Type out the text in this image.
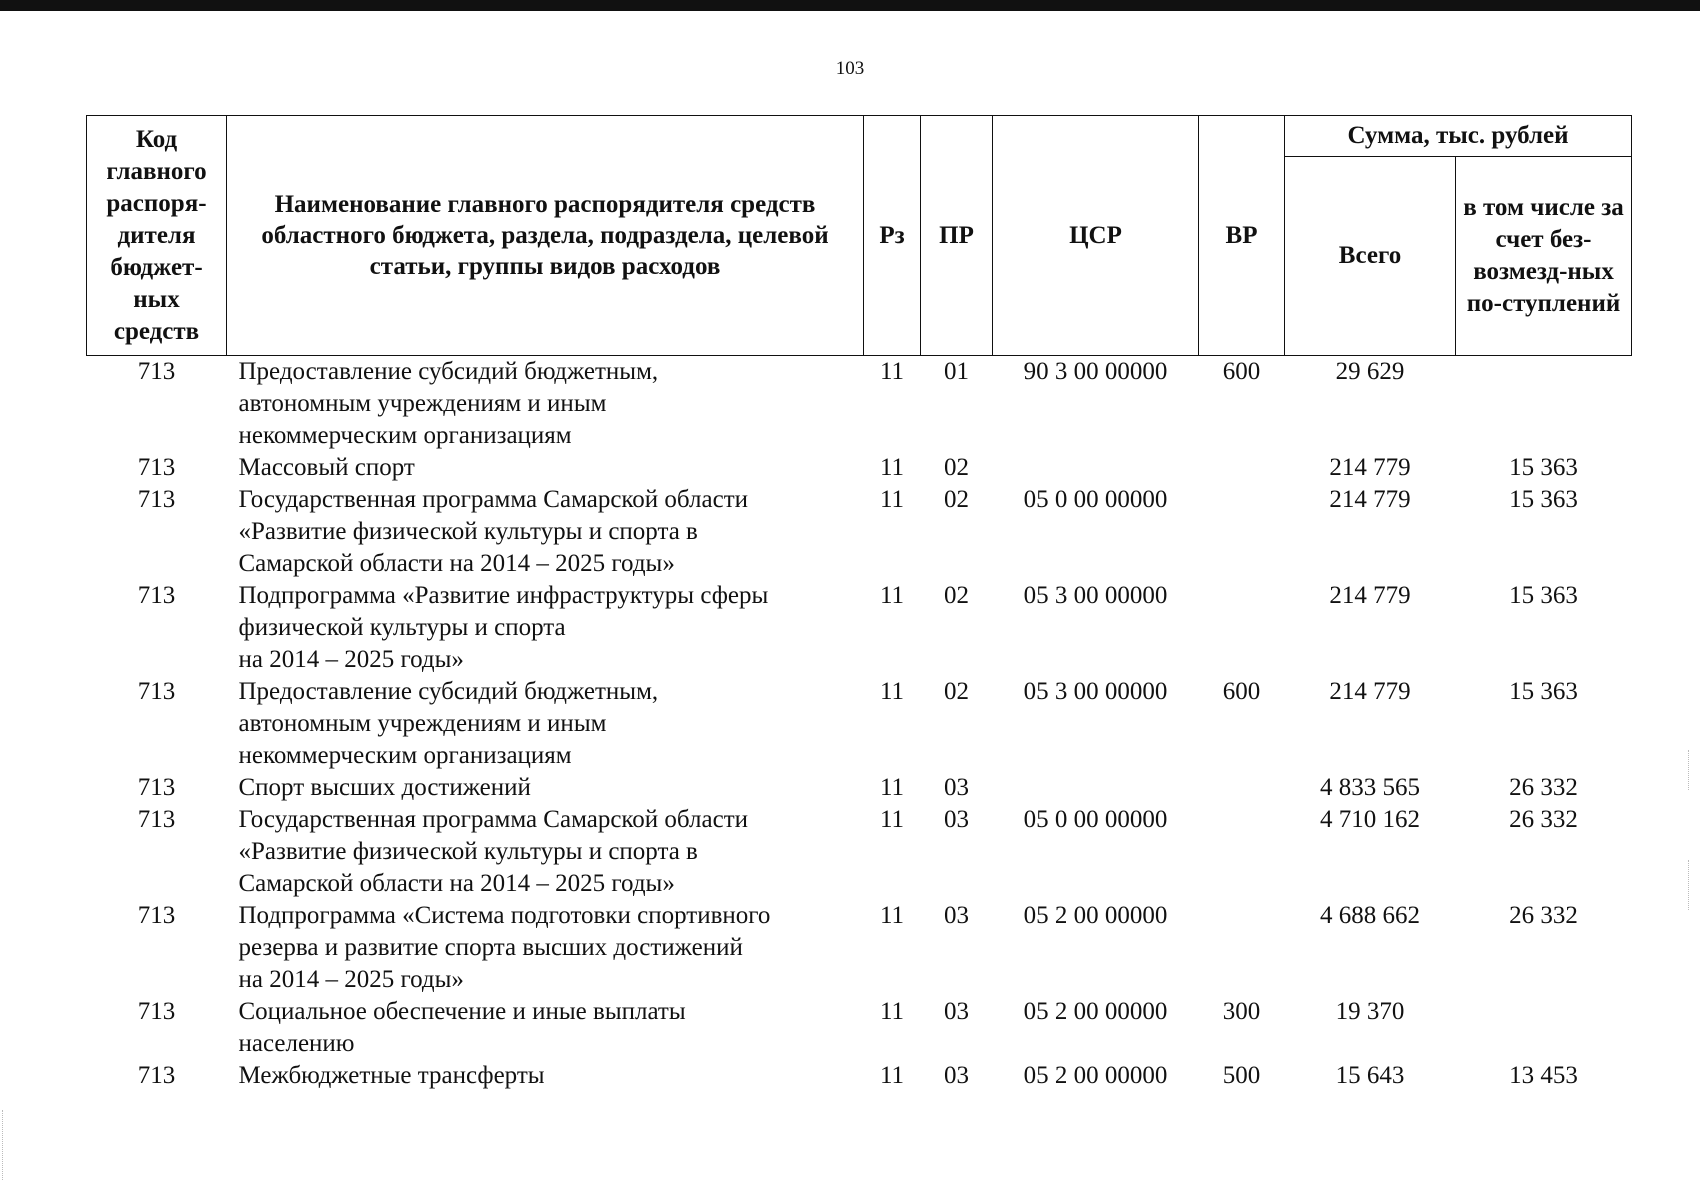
103
Код главного распоря-дителя бюджет-ных средств	Наименование главного распорядителя средств областного бюджета, раздела, подраздела, целевой статьи, группы видов расходов	Рз	ПР	ЦСР	ВР	Сумма, тыс. рублей	
						Всего	в том числе за счет без-возмезд-ных по-ступлений
713	Предоставление субсидий бюджетным,
автономным учреждениям и иным
некоммерческим организациям	11	01	90 3 00 00000	600	29 629	
713	Массовый спорт	11	02			214 779	15 363
713	Государственная программа Самарской области
«Развитие физической культуры и спорта в
Самарской области на 2014 – 2025 годы»	11	02	05 0 00 00000		214 779	15 363
713	Подпрограмма «Развитие инфраструктуры сферы
физической культуры и спорта
на 2014 – 2025 годы»	11	02	05 3 00 00000		214 779	15 363
713	Предоставление субсидий бюджетным,
автономным учреждениям и иным
некоммерческим организациям	11	02	05 3 00 00000	600	214 779	15 363
713	Спорт высших достижений	11	03			4 833 565	26 332
713	Государственная программа Самарской области
«Развитие физической культуры и спорта в
Самарской области на 2014 – 2025 годы»	11	03	05 0 00 00000		4 710 162	26 332
713	Подпрограмма «Система подготовки спортивного
резерва и развитие спорта высших достижений
на 2014 – 2025 годы»	11	03	05 2 00 00000		4 688 662	26 332
713	Социальное обеспечение и иные выплаты
населению	11	03	05 2 00 00000	300	19 370	
713	Межбюджетные трансферты	11	03	05 2 00 00000	500	15 643	13 453
